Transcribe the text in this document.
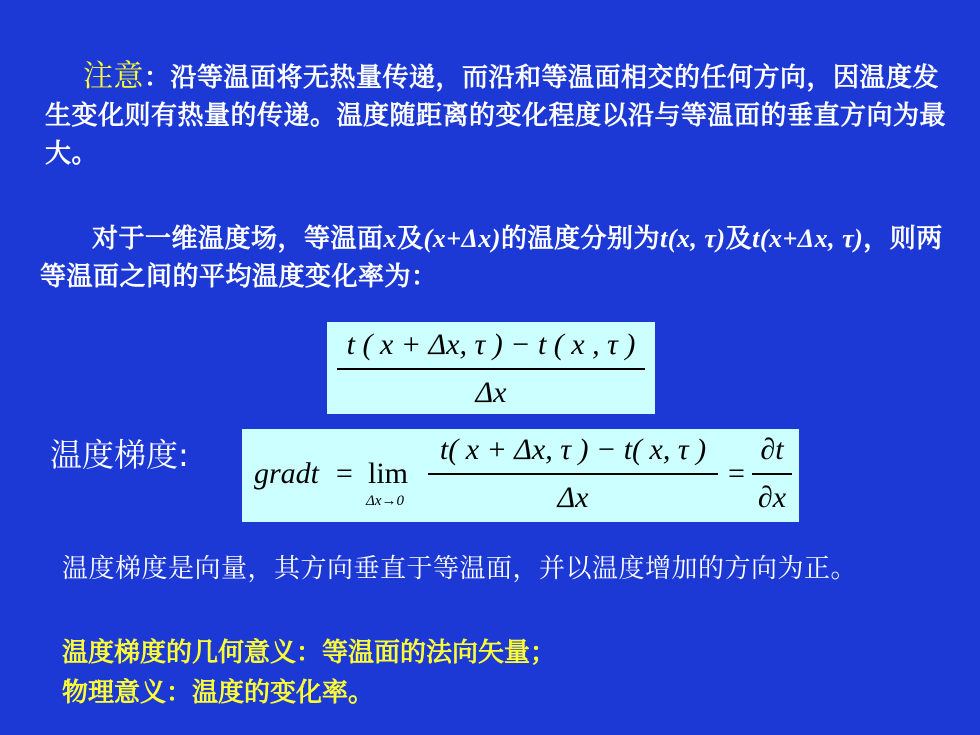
注意：沿等温面将无热量传递，而沿和等温面相交的任何方向，因温度发生变化则有热量的传递。温度随距离的变化程度以沿与等温面的垂直方向为最大。
对于一维温度场，等温面x及(x+Δx)的温度分别为t(x, τ)及t(x+Δx, τ)，则两等温面之间的平均温度变化率为：
t ( x + Δx, τ ) − t ( x , τ )
Δx
温度梯度: gradt  = lim
Δx→0
t( x + Δx, τ ) − t( x, τ )
Δx
=
∂t
∂x
温度梯度是向量，其方向垂直于等温面，并以温度增加的方向为正。
温度梯度的几何意义：等温面的法向矢量；
物理意义：温度的变化率。
